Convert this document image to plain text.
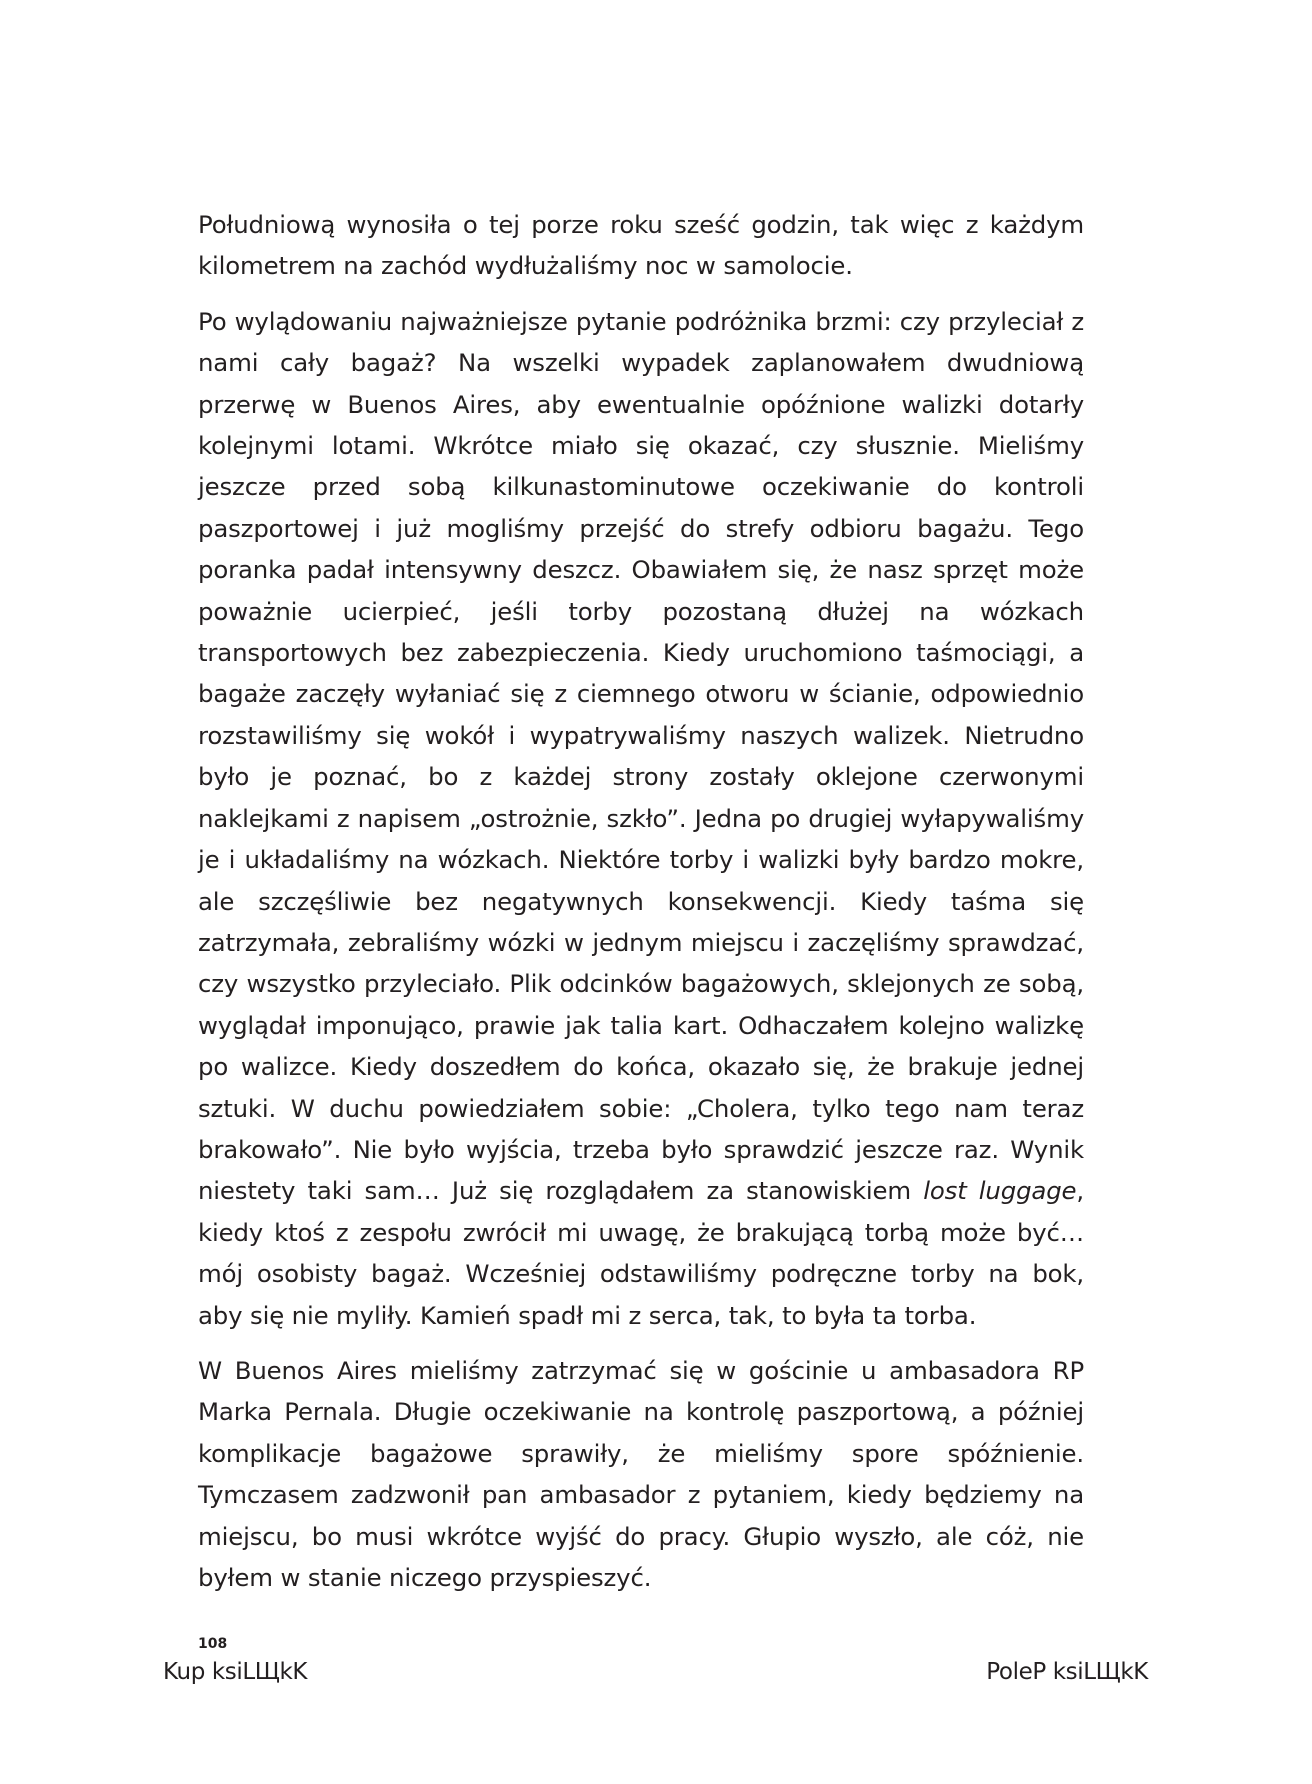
Południową wynosiła o tej porze roku sześć godzin, tak więc z każdym kilometrem na zachód wydłużaliśmy noc w samolocie.

Po wylądowaniu najważniejsze pytanie podróżnika brzmi: czy przyleciał z nami cały bagaż? Na wszelki wypadek zaplanowałem dwudniową przerwę w Buenos Aires, aby ewentualnie opóźnione walizki dotarły kolejnymi lotami. Wkrótce miało się okazać, czy słusznie. Mieliśmy jeszcze przed sobą kilkunastominutowe oczekiwanie do kontroli paszportowej i już mogliśmy przejść do strefy odbioru bagażu. Tego poranka padał intensywny deszcz. Obawiałem się, że nasz sprzęt może poważnie ucierpieć, jeśli torby pozostaną dłużej na wózkach transportowych bez zabezpieczenia. Kiedy uruchomiono taśmociągi, a bagaże zaczęły wyłaniać się z ciemnego otworu w ścianie, odpowiednio rozstawiliśmy się wokół i wypatrywaliśmy naszych walizek. Nietrudno było je poznać, bo z każdej strony zostały oklejone czerwonymi naklejkami z napisem „ostrożnie, szkło”. Jedna po drugiej wyłapywaliśmy je i układaliśmy na wózkach. Niektóre torby i walizki były bardzo mokre, ale szczęśliwie bez negatywnych konsekwencji. Kiedy taśma się zatrzymała, zebraliśmy wózki w jednym miejscu i zaczęliśmy sprawdzać, czy wszystko przyleciało. Plik odcinków bagażowych, sklejonych ze sobą, wyglądał imponująco, prawie jak talia kart. Odhaczałem kolejno walizkę po walizce. Kiedy doszedłem do końca, okazało się, że brakuje jednej sztuki. W duchu powiedziałem sobie: „Cholera, tylko tego nam teraz brakowało”. Nie było wyjścia, trzeba było sprawdzić jeszcze raz. Wynik niestety taki sam… Już się rozglądałem za stanowiskiem lost luggage, kiedy ktoś z zespołu zwrócił mi uwagę, że brakującą torbą może być… mój osobisty bagaż. Wcześniej odstawiliśmy podręczne torby na bok, aby się nie myliły. Kamień spadł mi z serca, tak, to była ta torba.

W Buenos Aires mieliśmy zatrzymać się w gościnie u ambasadora RP Marka Pernala. Długie oczekiwanie na kontrolę paszportową, a później komplikacje bagażowe sprawiły, że mieliśmy spore spóźnienie. Tymczasem zadzwonił pan ambasador z pytaniem, kiedy będziemy na miejscu, bo musi wkrótce wyjść do pracy. Głupio wyszło, ale cóż, nie byłem w stanie niczego przyspieszyć.

108
Kup ksiLЩkK	PoleP ksiLЩkK
